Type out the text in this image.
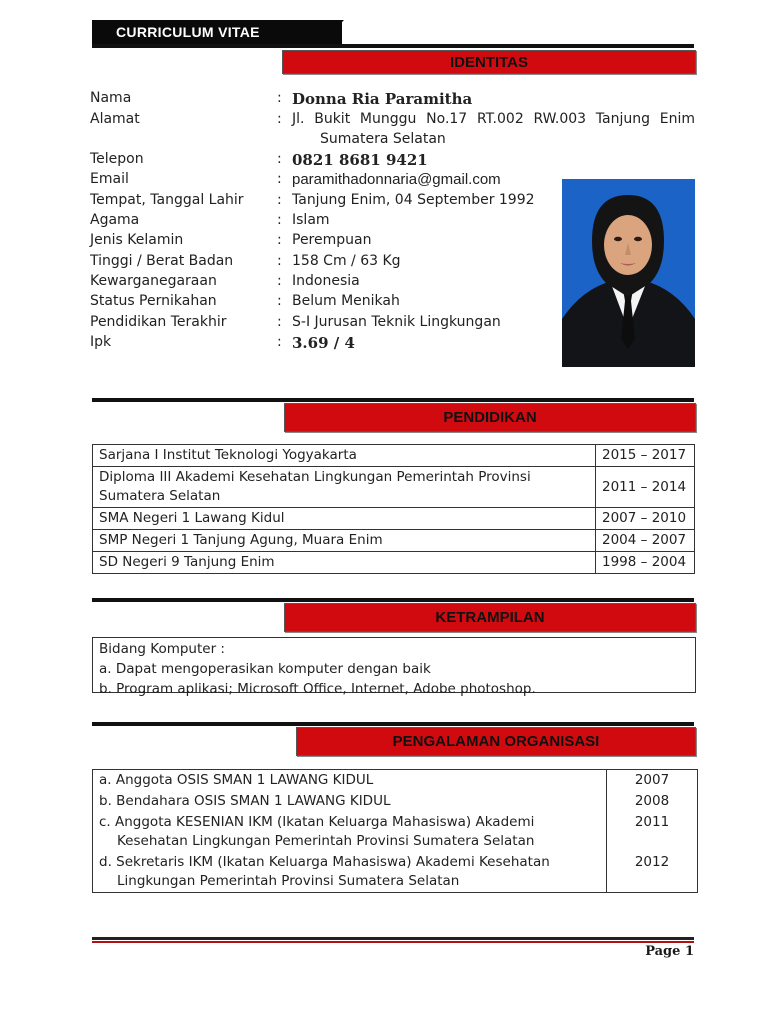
CURRICULUM VITAE
IDENTITAS
Nama	: Donna Ria Paramitha
Alamat	: Jl. Bukit Munggu No.17 RT.002 RW.003 Tanjung Enim
Sumatera Selatan
Telepon	: 0821 8681 9421
Email	: paramithadonnaria@gmail.com
Tempat, Tanggal Lahir	: Tanjung Enim, 04 September 1992
Agama	: Islam
Jenis Kelamin	: Perempuan
Tinggi / Berat Badan	: 158 Cm / 63 Kg
Kewarganegaraan	: Indonesia
Status Pernikahan	: Belum Menikah
Pendidikan Terakhir	: S-I Jurusan Teknik Lingkungan
Ipk	: 3.69 / 4
PENDIDIKAN
Sarjana I Institut Teknologi Yogyakarta	2015 – 2017

Diploma III Akademi Kesehatan Lingkungan Pemerintah Provinsi
Sumatera Selatan	2011 – 2014
SMA Negeri 1 Lawang Kidul	2007 – 2010
SMP Negeri 1 Tanjung Agung, Muara Enim	2004 – 2007
SD Negeri 9 Tanjung Enim	1998 – 2004
KETRAMPILAN
Bidang Komputer :
a. Dapat mengoperasikan komputer dengan baik
b. Program aplikasi; Microsoft Office, Internet, Adobe photoshop.
PENGALAMAN ORGANISASI
a. Anggota OSIS SMAN 1 LAWANG KIDUL	2007
b. Bendahara OSIS SMAN 1 LAWANG KIDUL	2008

c. Anggota KESENIAN IKM (Ikatan Keluarga Mahasiswa) Akademi
Kesehatan Lingkungan Pemerintah Provinsi Sumatera Selatan	2011

d. Sekretaris IKM (Ikatan Keluarga Mahasiswa) Akademi Kesehatan
Lingkungan Pemerintah Provinsi Sumatera Selatan	2012
Page 1
